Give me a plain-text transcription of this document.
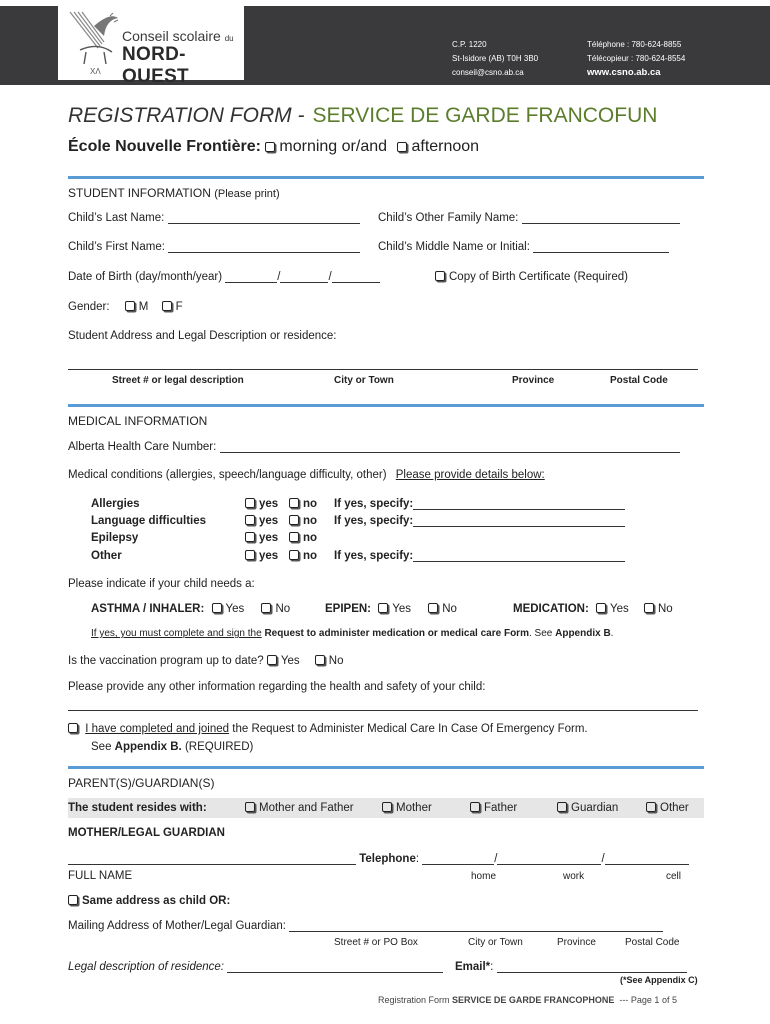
ΧΛ
Conseil scolaire du
NORD-OUEST
C.P. 1220
St-Isidore (AB) T0H 3B0
conseil@csno.ab.ca
Téléphone : 780-624-8855
Télécopieur : 780-624-8554
www.csno.ab.ca
REGISTRATION FORM - SERVICE DE GARDE FRANCOFUN
École Nouvelle Frontière: morning or/and afternoon
STUDENT INFORMATION (Please print)
Child’s Last Name:	Child’s Other Family Name:
Child’s First Name:	Child’s Middle Name or Initial:
Date of Birth (day/month/year)	/	/	Copy of Birth Certificate (Required)
Gender:	M F
Student Address and Legal Description or residence:
Street # or legal description	City or Town	Province	Postal Code
MEDICAL INFORMATION
Alberta Health Care Number:
Medical conditions (allergies, speech/language difficulty, other) Please provide details below:
Allergies	yes	no If yes, specify:
Language difficulties	yes	no If yes, specify:
Epilepsy	yes	no
Other	yes	no If yes, specify:
Please indicate if your child needs a:
ASTHMA / INHALER: Yes	No	EPIPEN: Yes	No	MEDICATION: Yes	No
If yes, you must complete and sign the Request to administer medication or medical care Form. See Appendix B.
Is the vaccination program up to date? Yes	No
Please provide any other information regarding the health and safety of your child:
I have completed and joined the Request to Administer Medical Care In Case Of Emergency Form.
See Appendix B. (REQUIRED)
PARENT(S)/GUARDIAN(S)
The student resides with:	Mother and Father	Mother	Father	Guardian	Other
MOTHER/LEGAL GUARDIAN
Telephone:	/	/
FULL NAME	home	work	cell
Same address as child OR:
Mailing Address of Mother/Legal Guardian:
Street # or PO Box	City or Town	Province	Postal Code
Legal description of residence:	Email*:
(*See Appendix C)
Registration Form SERVICE DE GARDE FRANCOPHONE --- Page 1 of 5
